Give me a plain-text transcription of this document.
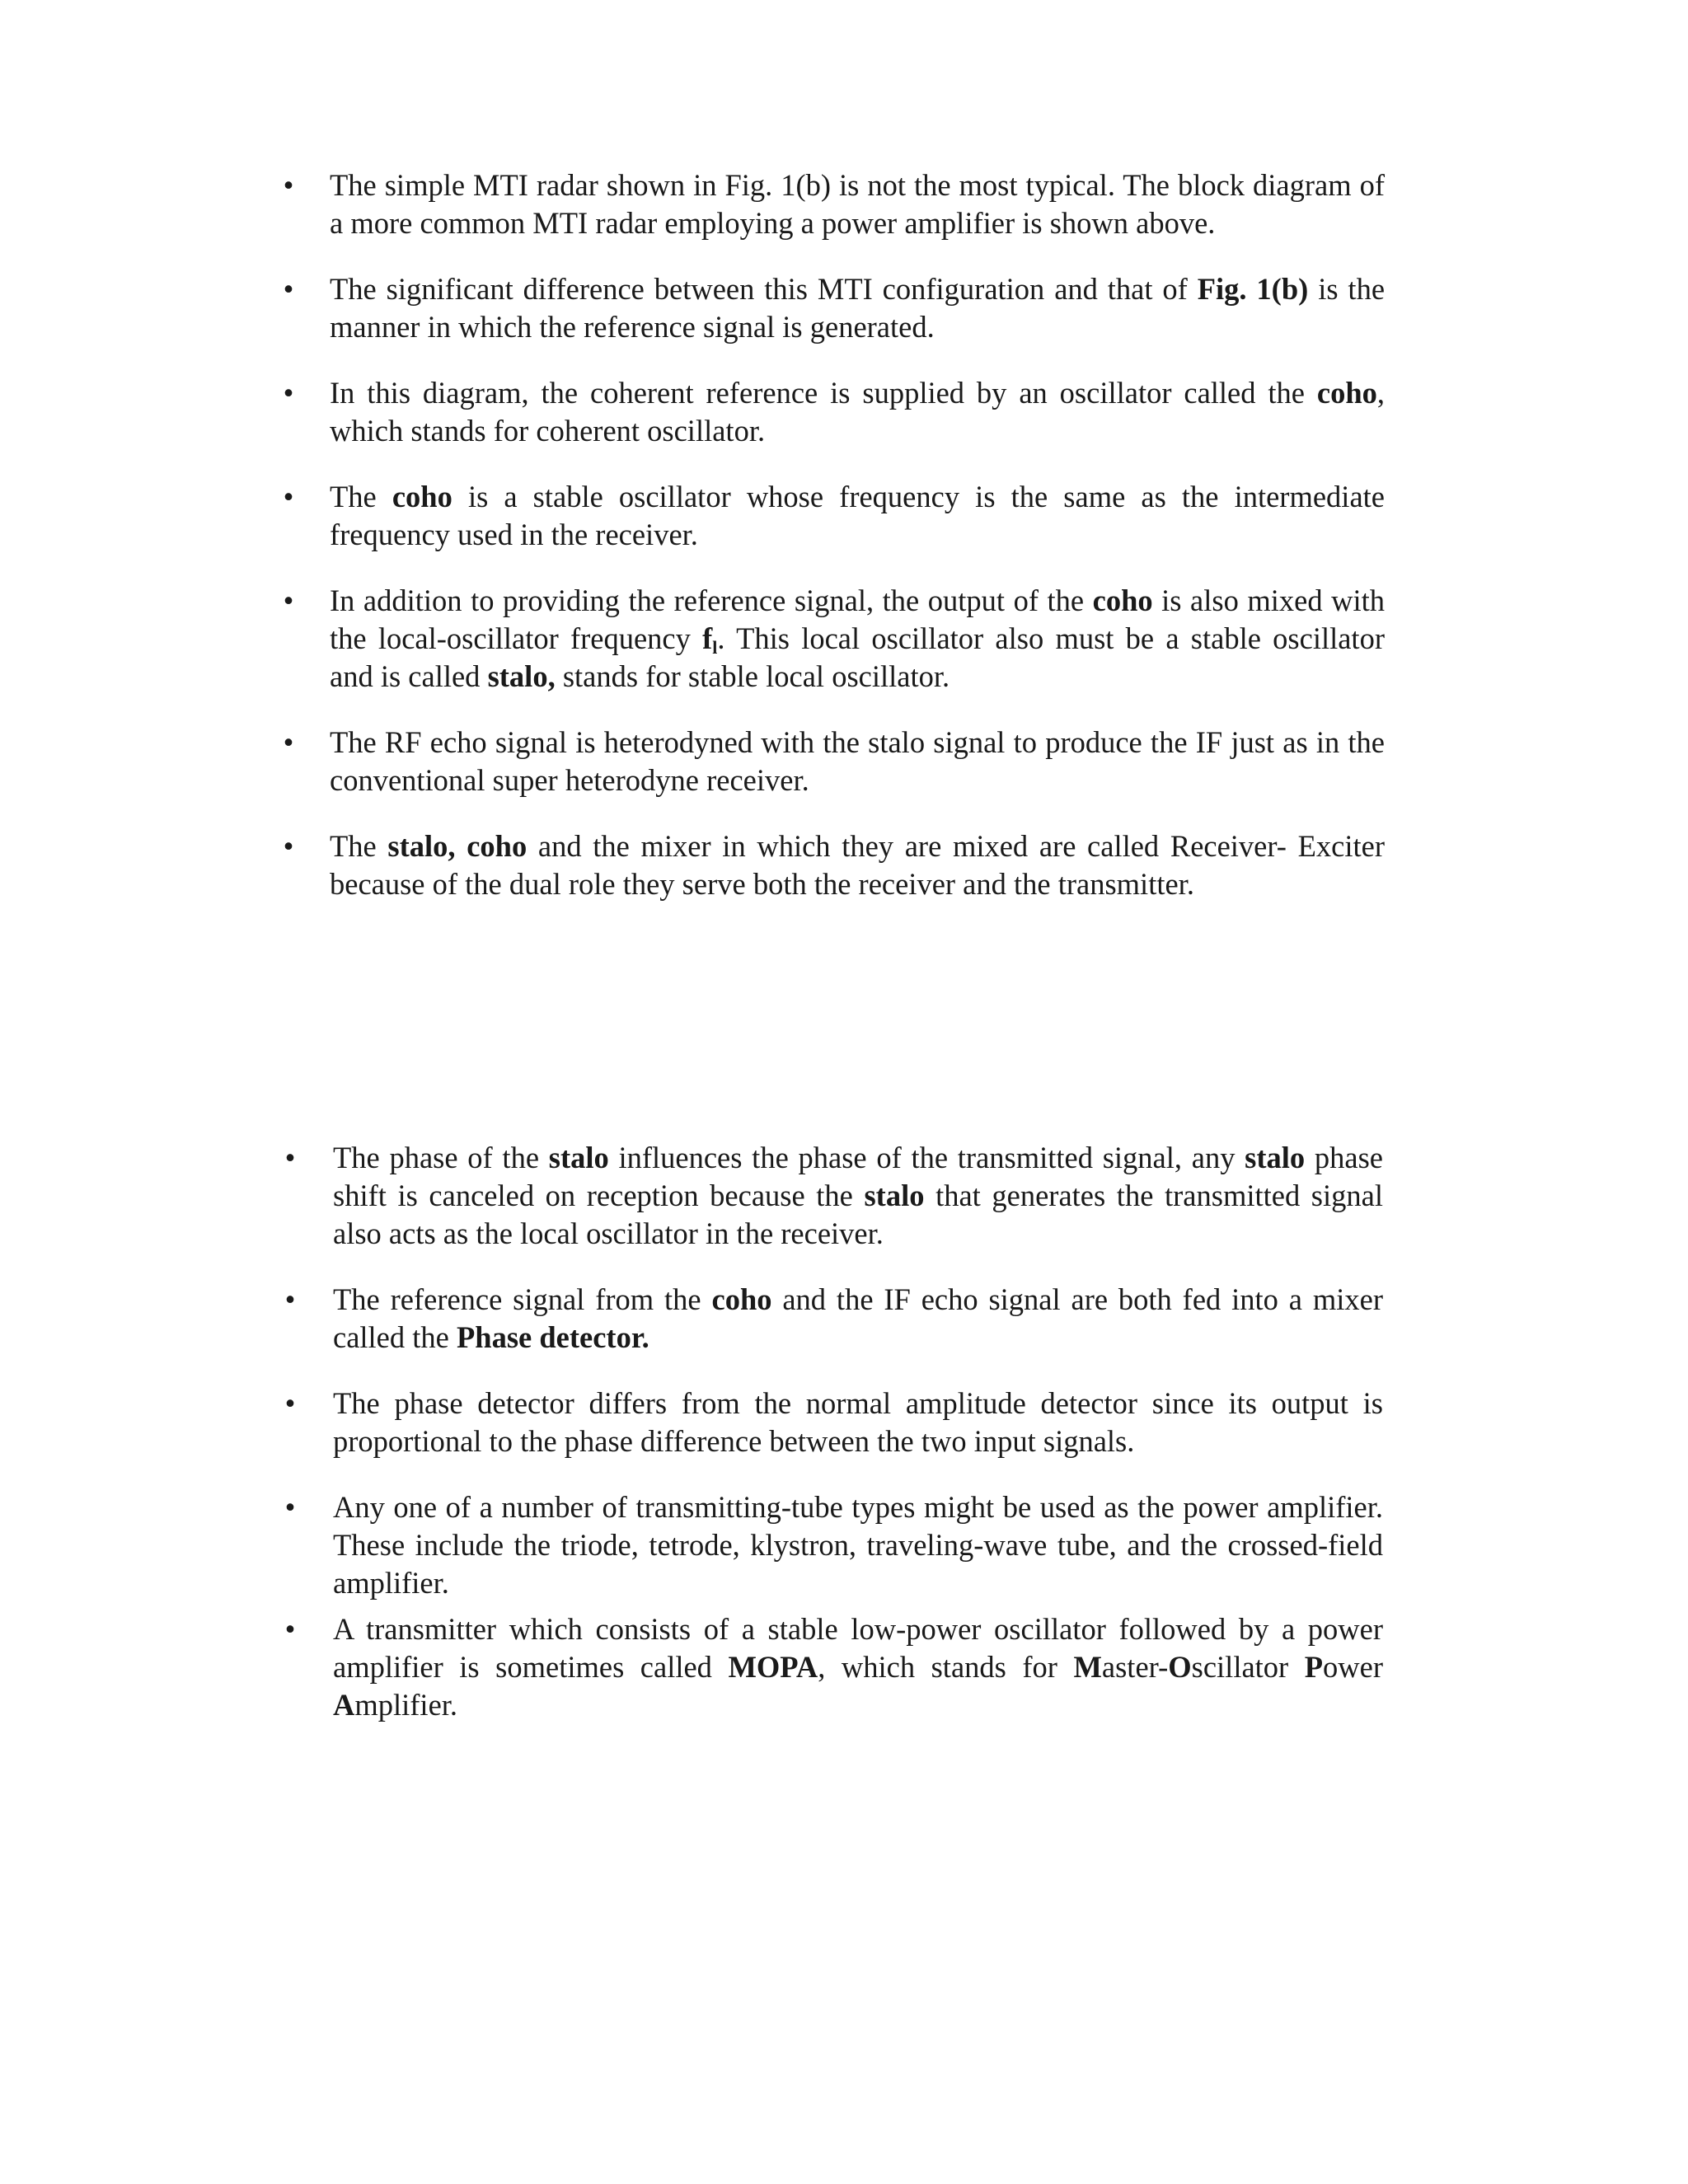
• The simple MTI radar shown in Fig. 1(b) is not the most typical. The block diagram of a more common MTI radar employing a power amplifier is shown above.
• The significant difference between this MTI configuration and that of Fig. 1(b) is the manner in which the reference signal is generated.
• In this diagram, the coherent reference is supplied by an oscillator called the coho, which stands for coherent oscillator.
• The coho is a stable oscillator whose frequency is the same as the intermediate frequency used in the receiver.
• In addition to providing the reference signal, the output of the coho is also mixed with the local-oscillator frequency $f_l$. This local oscillator also must be a stable oscillator and is called stalo, stands for stable local oscillator.
• The RF echo signal is heterodyned with the stalo signal to produce the IF just as in the conventional super heterodyne receiver.
• The stalo, coho and the mixer in which they are mixed are called Receiver- Exciter because of the dual role they serve both the receiver and the transmitter.
• The phase of the stalo influences the phase of the transmitted signal, any stalo phase shift is canceled on reception because the stalo that generates the transmitted signal also acts as the local oscillator in the receiver.
• The reference signal from the coho and the IF echo signal are both fed into a mixer called the Phase detector.
• The phase detector differs from the normal amplitude detector since its output is proportional to the phase difference between the two input signals.
• Any one of a number of transmitting-tube types might be used as the power amplifier. These include the triode, tetrode, klystron, traveling-wave tube, and the crossed-field amplifier.
• A transmitter which consists of a stable low-power oscillator followed by a power amplifier is sometimes called MOPA, which stands for Master-Oscillator Power Amplifier.
